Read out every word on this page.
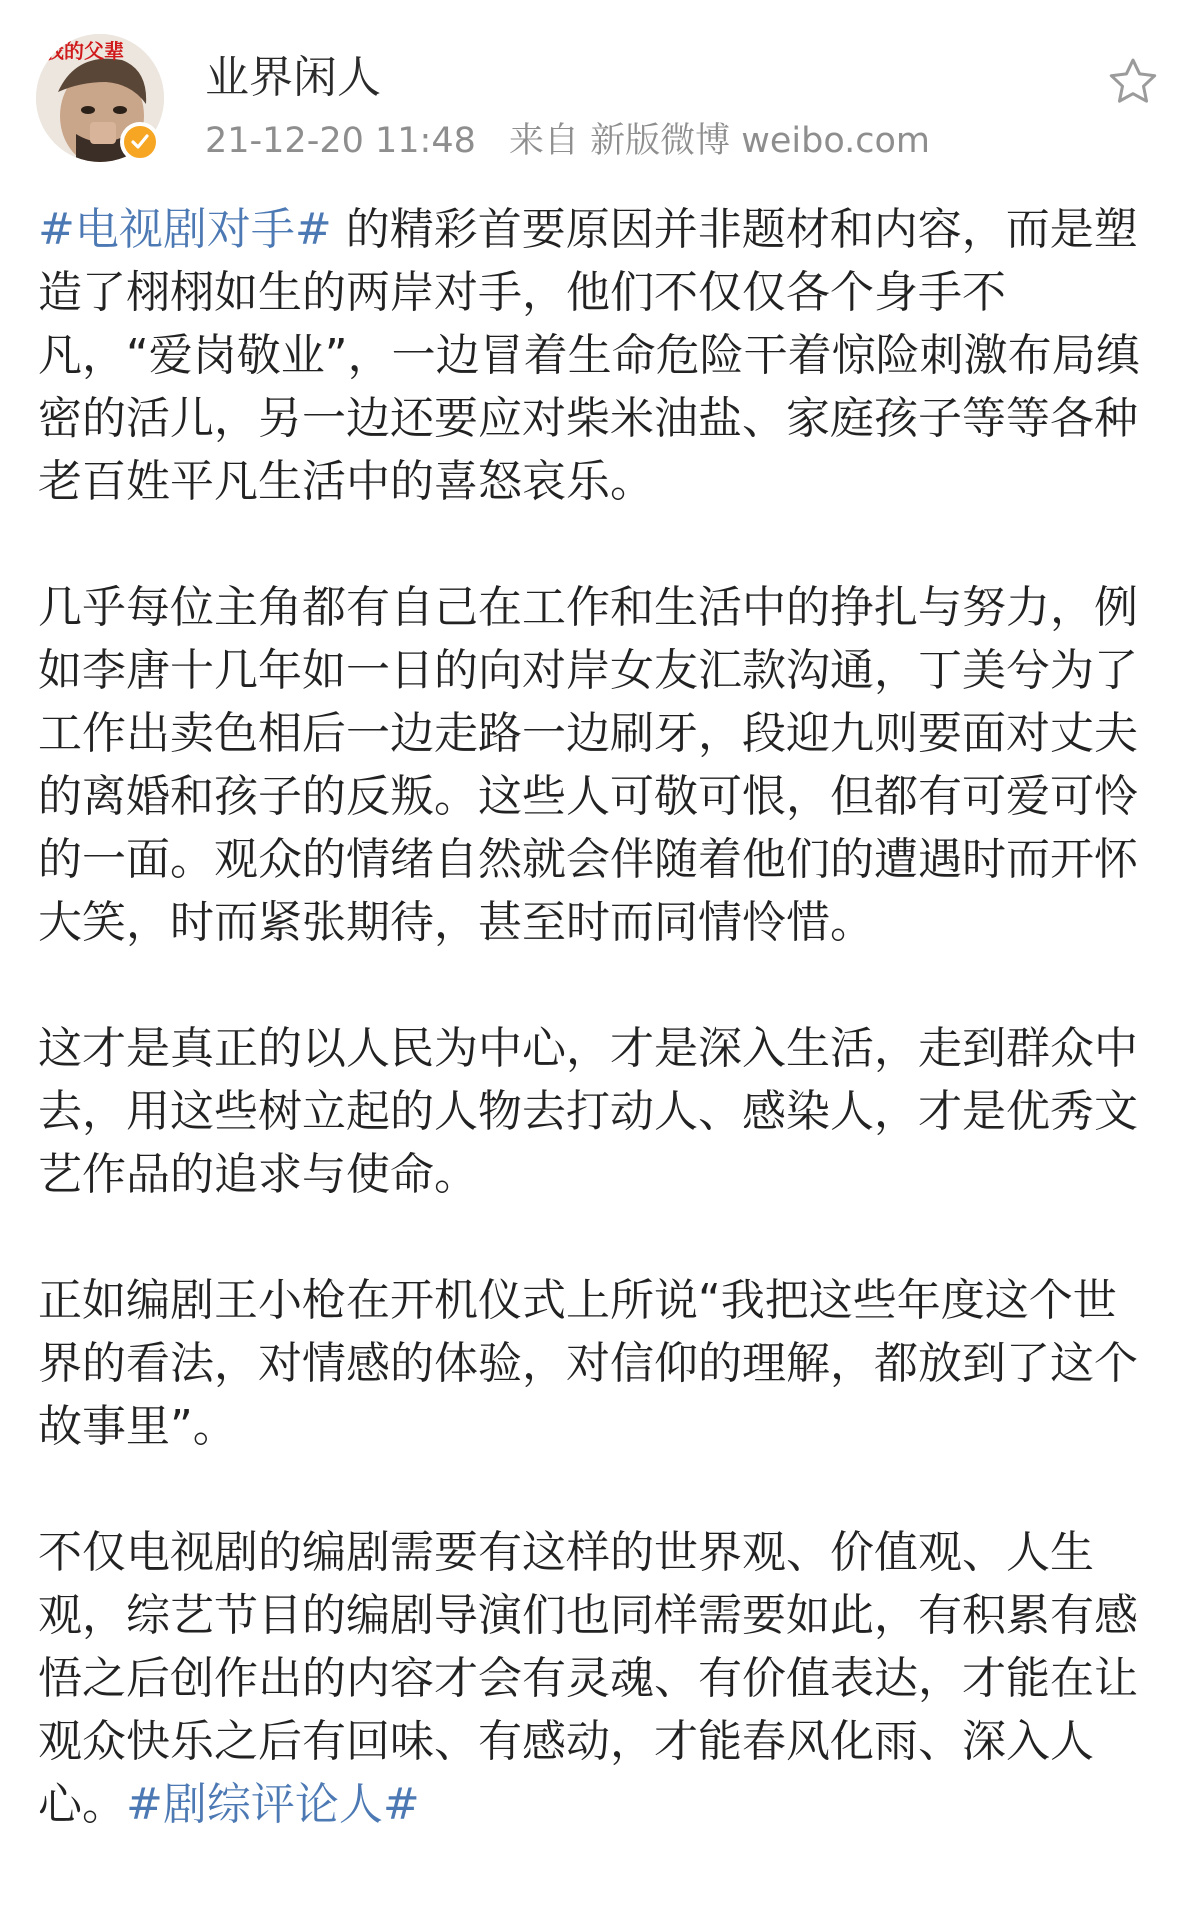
我的父辈
业界闲人
21-12-20 11:48 来自 新版微博 weibo.com

#电视剧对手# 的精彩首要原因并非题材和内容，而是塑造了栩栩如生的两岸对手，他们不仅仅各个身手不凡，“爱岗敬业”，一边冒着生命危险干着惊险刺激布局缜密的活儿，另一边还要应对柴米油盐、家庭孩子等等各种老百姓平凡生活中的喜怒哀乐。

几乎每位主角都有自己在工作和生活中的挣扎与努力，例如李唐十几年如一日的向对岸女友汇款沟通，丁美兮为了工作出卖色相后一边走路一边刷牙，段迎九则要面对丈夫的离婚和孩子的反叛。这些人可敬可恨，但都有可爱可怜的一面。观众的情绪自然就会伴随着他们的遭遇时而开怀大笑，时而紧张期待，甚至时而同情怜惜。

这才是真正的以人民为中心，才是深入生活，走到群众中去，用这些树立起的人物去打动人、感染人，才是优秀文艺作品的追求与使命。

正如编剧王小枪在开机仪式上所说“我把这些年度这个世界的看法，对情感的体验，对信仰的理解，都放到了这个故事里”。

不仅电视剧的编剧需要有这样的世界观、价值观、人生观，综艺节目的编剧导演们也同样需要如此，有积累有感悟之后创作出的内容才会有灵魂、有价值表达，才能在让观众快乐之后有回味、有感动，才能春风化雨、深入人心。#剧综评论人#
